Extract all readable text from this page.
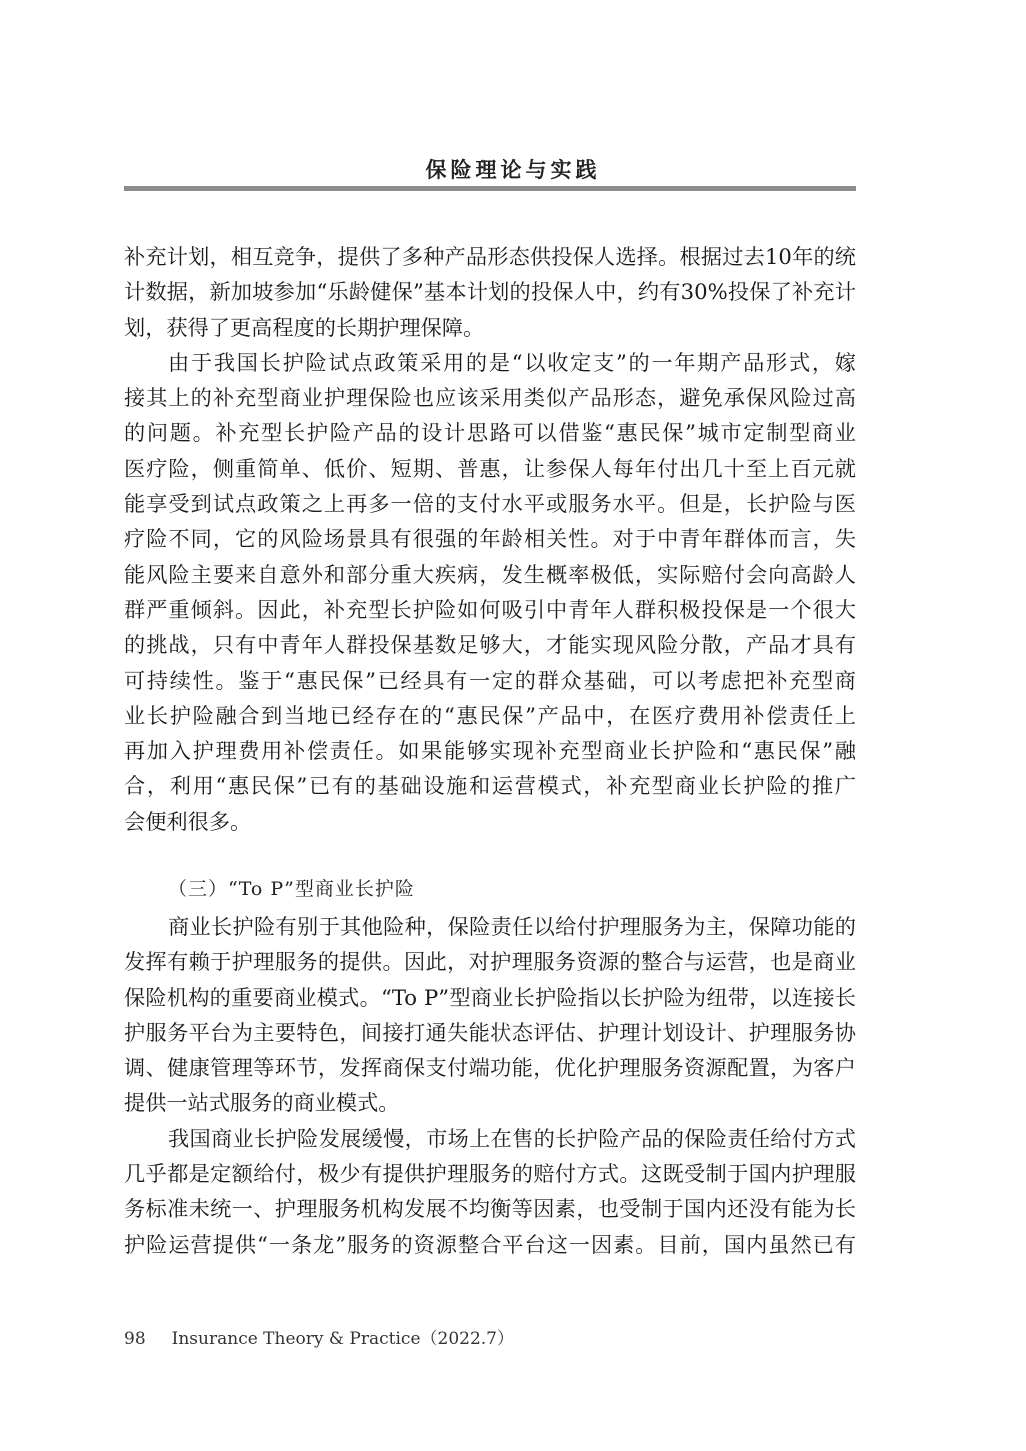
保险理论与实践
补充计划，相互竞争，提供了多种产品形态供投保人选择。根据过去10年的统
计数据，新加坡参加“乐龄健保”基本计划的投保人中，约有30%投保了补充计
划，获得了更高程度的长期护理保障。
由于我国长护险试点政策采用的是“以收定支”的一年期产品形式，嫁
接其上的补充型商业护理保险也应该采用类似产品形态，避免承保风险过高
的问题。补充型长护险产品的设计思路可以借鉴“惠民保”城市定制型商业
医疗险，侧重简单、低价、短期、普惠，让参保人每年付出几十至上百元就
能享受到试点政策之上再多一倍的支付水平或服务水平。但是，长护险与医
疗险不同，它的风险场景具有很强的年龄相关性。对于中青年群体而言，失
能风险主要来自意外和部分重大疾病，发生概率极低，实际赔付会向高龄人
群严重倾斜。因此，补充型长护险如何吸引中青年人群积极投保是一个很大
的挑战，只有中青年人群投保基数足够大，才能实现风险分散，产品才具有
可持续性。鉴于“惠民保”已经具有一定的群众基础，可以考虑把补充型商
业长护险融合到当地已经存在的“惠民保”产品中，在医疗费用补偿责任上
再加入护理费用补偿责任。如果能够实现补充型商业长护险和“惠民保”融
合，利用“惠民保”已有的基础设施和运营模式，补充型商业长护险的推广
会便利很多。
（三）“To P”型商业长护险
商业长护险有别于其他险种，保险责任以给付护理服务为主，保障功能的
发挥有赖于护理服务的提供。因此，对护理服务资源的整合与运营，也是商业
保险机构的重要商业模式。“To P”型商业长护险指以长护险为纽带，以连接长
护服务平台为主要特色，间接打通失能状态评估、护理计划设计、护理服务协
调、健康管理等环节，发挥商保支付端功能，优化护理服务资源配置，为客户
提供一站式服务的商业模式。
我国商业长护险发展缓慢，市场上在售的长护险产品的保险责任给付方式
几乎都是定额给付，极少有提供护理服务的赔付方式。这既受制于国内护理服
务标准未统一、护理服务机构发展不均衡等因素，也受制于国内还没有能为长
护险运营提供“一条龙”服务的资源整合平台这一因素。目前，国内虽然已有
98 Insurance Theory & Practice（2022.7）
